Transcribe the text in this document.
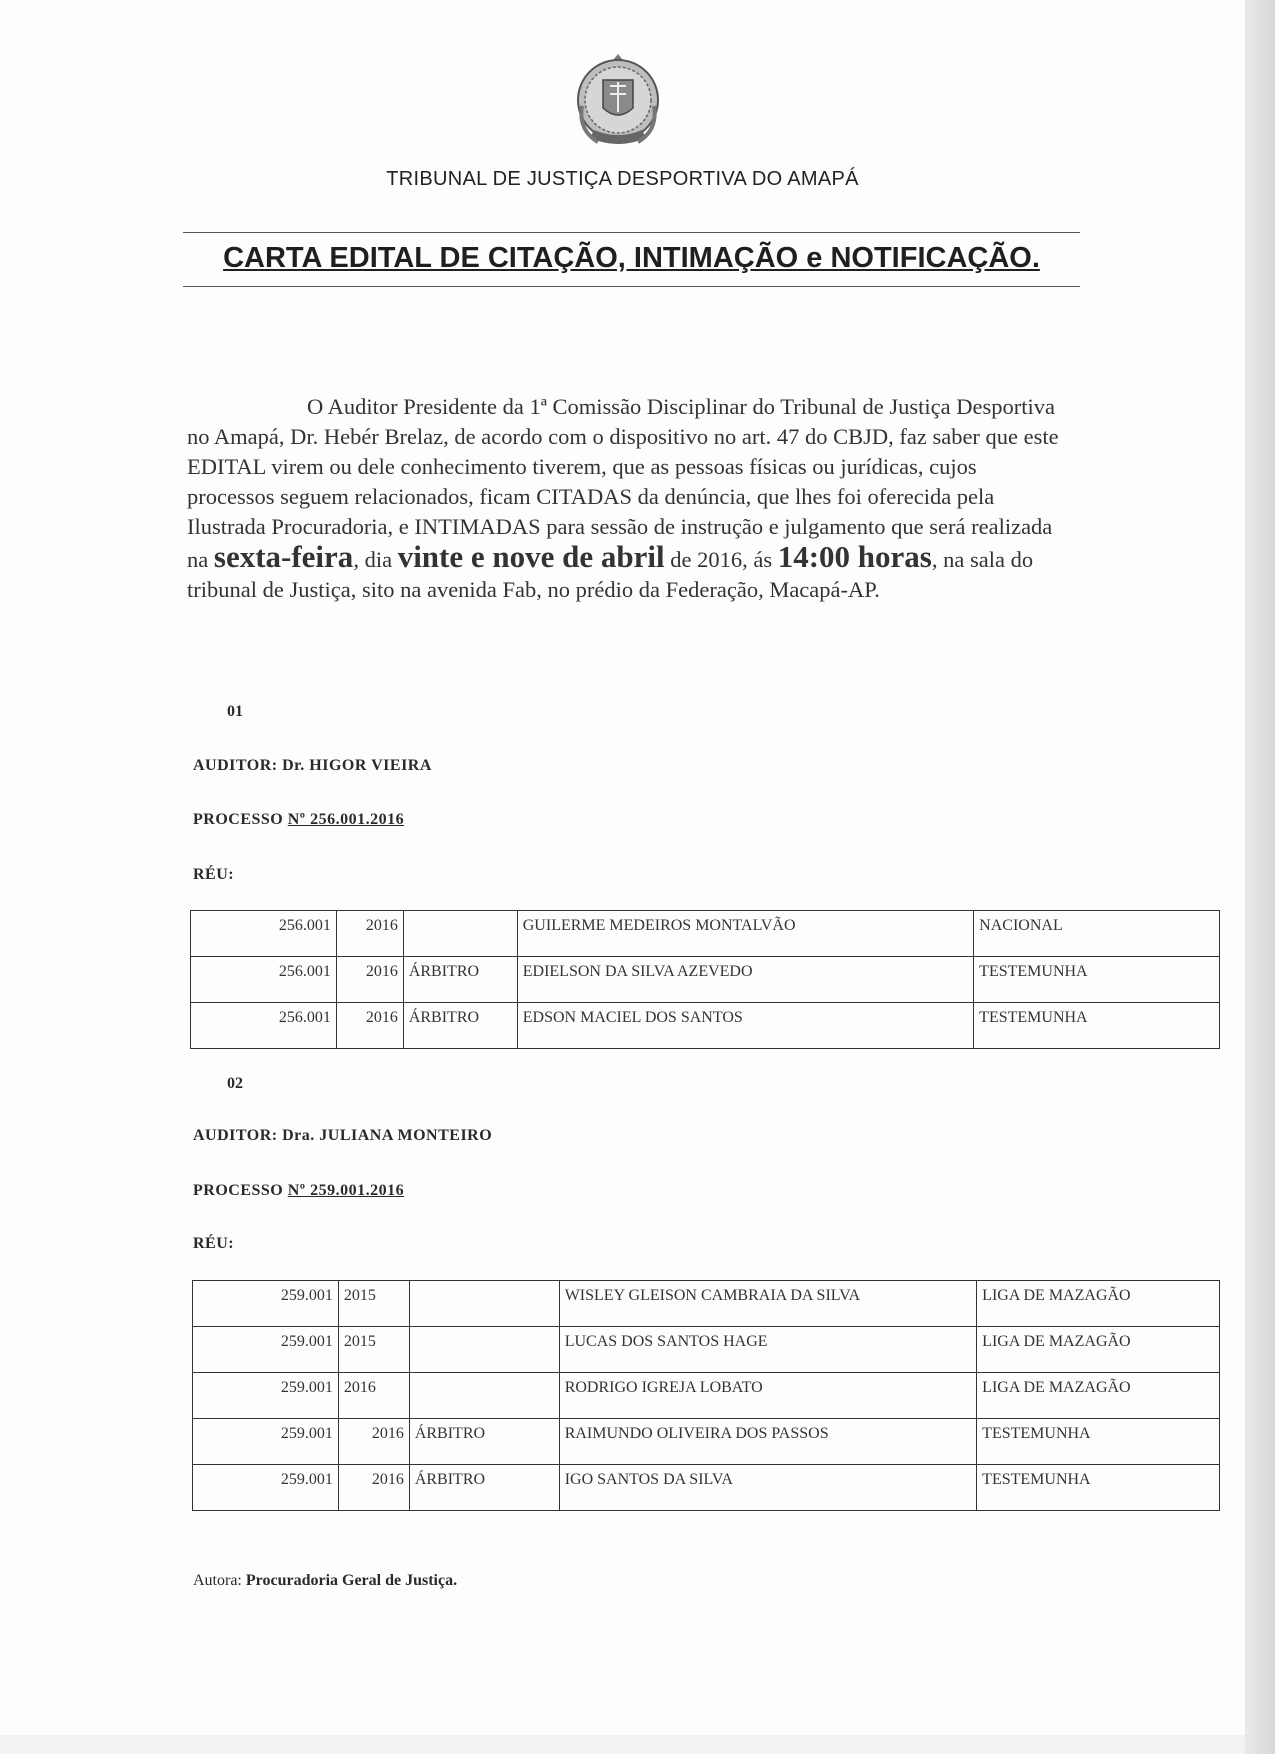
TRIBUNAL DE JUSTIÇA DESPORTIVA DO AMAPÁ
CARTA EDITAL DE CITAÇÃO, INTIMAÇÃO e NOTIFICAÇÃO.
O Auditor Presidente da 1ª Comissão Disciplinar do Tribunal de Justiça Desportiva no Amapá, Dr. Hebér Brelaz, de acordo com o dispositivo no art. 47 do CBJD, faz saber que este EDITAL virem ou dele conhecimento tiverem, que as pessoas físicas ou jurídicas, cujos processos seguem relacionados, ficam CITADAS da denúncia, que lhes foi oferecida pela Ilustrada Procuradoria, e INTIMADAS para sessão de instrução e julgamento que será realizada na sexta-feira, dia vinte e nove de abril de 2016, ás 14:00 horas, na sala do tribunal de Justiça, sito na avenida Fab, no prédio da Federação, Macapá-AP.
01
AUDITOR: Dr. HIGOR VIEIRA
PROCESSO Nº 256.001.2016
RÉU:
256.001	2016		GUILERME MEDEIROS MONTALVÃO	NACIONAL
256.001	2016	ÁRBITRO	EDIELSON DA SILVA AZEVEDO	TESTEMUNHA
256.001	2016	ÁRBITRO	EDSON MACIEL DOS SANTOS	TESTEMUNHA
02
AUDITOR: Dra. JULIANA MONTEIRO
PROCESSO Nº 259.001.2016
RÉU:
259.001	2015		WISLEY GLEISON CAMBRAIA DA SILVA	LIGA DE MAZAGÃO
259.001	2015		LUCAS DOS SANTOS HAGE	LIGA DE MAZAGÃO
259.001	2016		RODRIGO IGREJA LOBATO	LIGA DE MAZAGÃO
259.001	2016	ÁRBITRO	RAIMUNDO OLIVEIRA DOS PASSOS	TESTEMUNHA
259.001	2016	ÁRBITRO	IGO SANTOS DA SILVA	TESTEMUNHA
Autora: Procuradoria Geral de Justiça.
